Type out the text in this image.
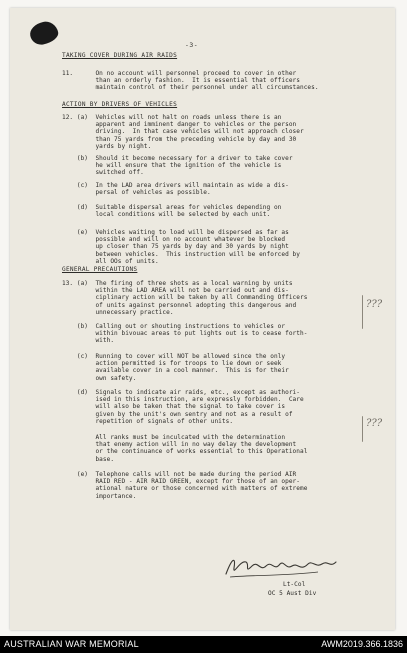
-3-
TAKING COVER DURING AIR RAIDS
11.      On no account will personnel proceed to cover in other
than an orderly fashion.  It is essential that officers
maintain control of their personnel under all circumstances.
ACTION BY DRIVERS OF VEHICLES
12. (a)  Vehicles will not halt on roads unless there is an
apparent and imminent danger to vehicles or the person
driving.  In that case vehicles will not approach closer
than 75 yards from the preceding vehicle by day and 30
yards by night.
(b)  Should it become necessary for a driver to take cover
he will ensure that the ignition of the vehicle is
switched off.
(c)  In the LAD area drivers will maintain as wide a dis-
persal of vehicles as possible.
(d)  Suitable dispersal areas for vehicles depending on
local conditions will be selected by each unit.
(e)  Vehicles waiting to load will be dispersed as far as
possible and will on no account whatever be blocked
up closer than 75 yards by day and 30 yards by night
between vehicles.  This instruction will be enforced by
all OOs of units.
GENERAL PRECAUTIONS
13. (a)  The firing of three shots as a local warning by units
within the LAD AREA will not be carried out and dis-
ciplinary action will be taken by all Commanding Officers
of units against personnel adopting this dangerous and
unnecessary practice.
(b)  Calling out or shouting instructions to vehicles or
within bivouac areas to put lights out is to cease forth-
with.
(c)  Running to cover will NOT be allowed since the only
action permitted is for troops to lie down or seek
available cover in a cool manner.  This is for their
own safety.
(d)  Signals to indicate air raids, etc., except as authori-
ised in this instruction, are expressly forbidden.  Care
will also be taken that the signal to take cover is
given by the unit's own sentry and not as a result of
repetition of signals of other units.
All ranks must be inculcated with the determination
that enemy action will in no way delay the development
or the continuance of works essential to this Operational
base.
(e)  Telephone calls will not be made during the period AIR
RAID RED - AIR RAID GREEN, except for those of an oper-
ational nature or those concerned with matters of extreme
importance.
???
???
Lt-Col
OC 5 Aust Div
AUSTRALIAN WAR MEMORIAL	AWM2019.366.1836
